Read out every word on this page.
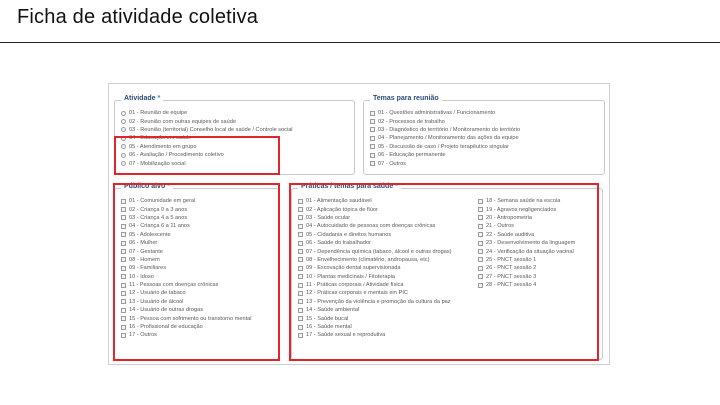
Ficha de atividade coletiva
Atividade *
01 - Reunião de equipe
02 - Reunião com outras equipes de saúde
03 - Reunião (territorial) Conselho local de saúde / Controle social
04 - Educação em saúde
05 - Atendimento em grupo
06 - Avaliação / Procedimento coletivo
07 - Mobilização social
Temas para reunião
01 - Questões administrativas / Funcionamento
02 - Processos de trabalho
03 - Diagnóstico do território / Monitoramento do território
04 - Planejamento / Monitoramento das ações da equipe
05 - Discussão de caso / Projeto terapêutico singular
06 - Educação permanente
07 - Outros
Público alvo *
01 - Comunidade em geral
02 - Criança 0 a 3 anos
03 - Criança 4 a 5 anos
04 - Criança 6 a 11 anos
05 - Adolescente
06 - Mulher
07 - Gestante
08 - Homem
09 - Familiares
10 - Idoso
11 - Pessoas com doenças crônicas
12 - Usuário de tabaco
13 - Usuário de álcool
14 - Usuário de outras drogas
15 - Pessoa com sofrimento ou transtorno mental
16 - Profissional de educação
17 - Outros
Práticas / temas para saúde *
01 - Alimentação saudável
02 - Aplicação tópica de flúor
03 - Saúde ocular
04 - Autocuidado de pessoas com doenças crônicas
05 - Cidadania e direitos humanos
06 - Saúde do trabalhador
07 - Dependência química (tabaco, álcool e outras drogas)
08 - Envelhecimento (climatério, andropausa, etc)
09 - Escovação dental supervisionada
10 - Plantas medicinais / Fitoterapia
11 - Práticas corporais / Atividade física
12 - Práticas corporais e mentais em PIC
13 - Prevenção da violência e promoção da cultura da paz
14 - Saúde ambiental
15 - Saúde bucal
16 - Saúde mental
17 - Saúde sexual e reprodutiva
18 - Semana saúde na escola
19 - Agravos negligenciados
20 - Antropometria
21 - Outros
22 - Saúde auditiva
23 - Desenvolvimento da linguagem
24 - Verificação da situação vacinal
25 - PNCT sessão 1
26 - PNCT sessão 2
27 - PNCT sessão 3
28 - PNCT sessão 4
